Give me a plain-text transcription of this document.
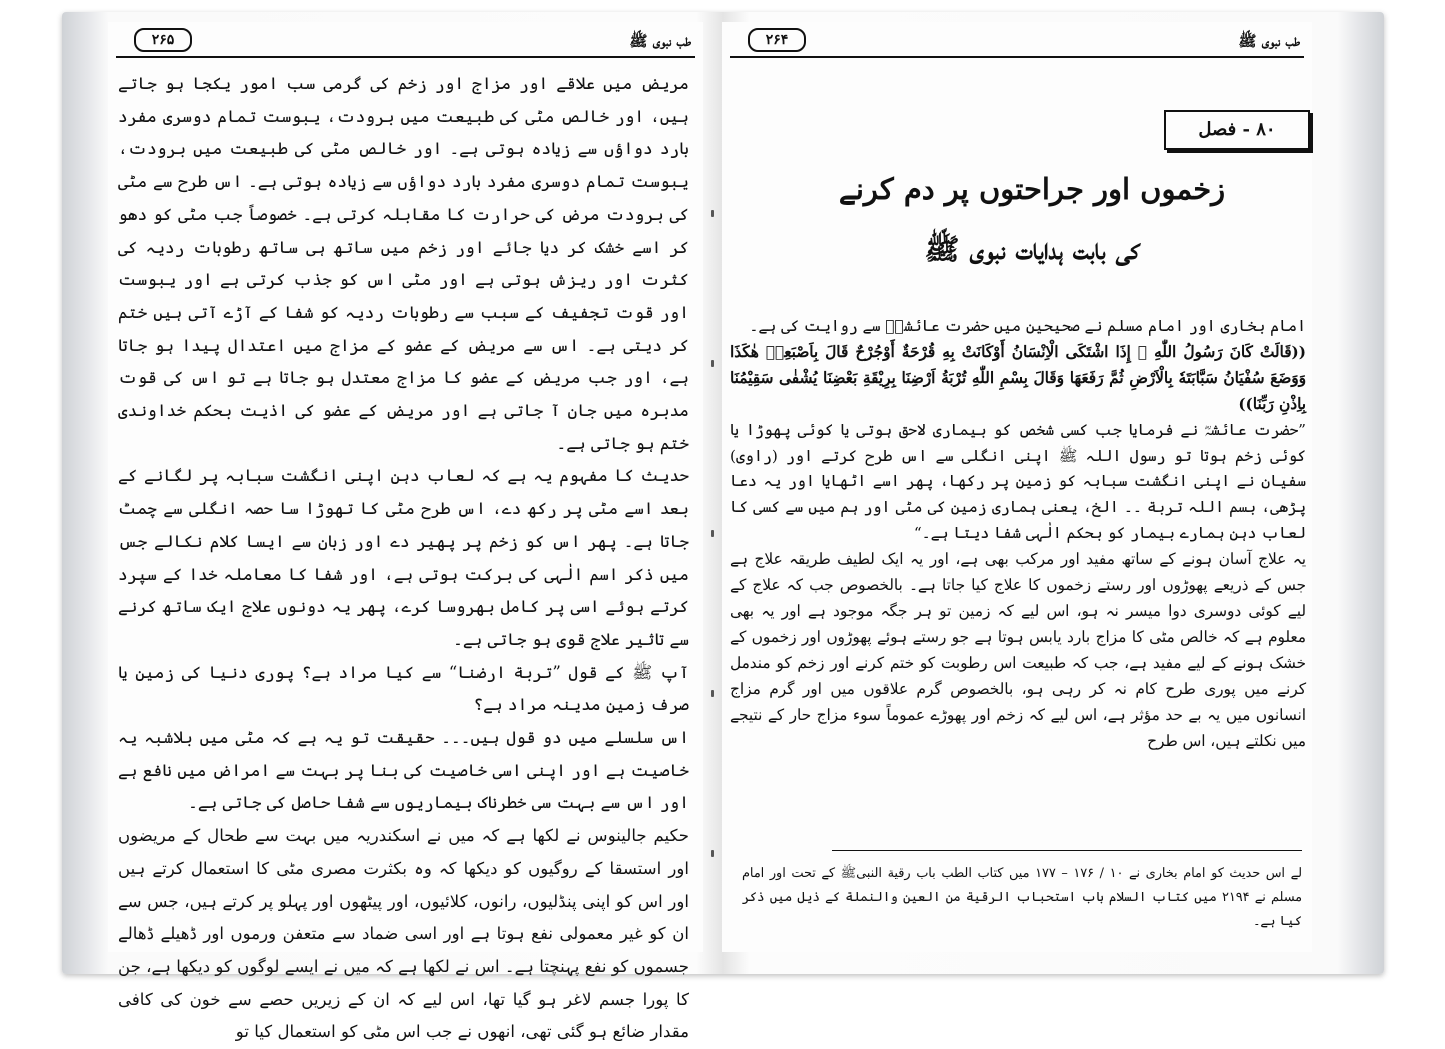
طب نبوی ﷺ
۲۶۵

مریض میں علاقے اور مزاج اور زخم کی گرمی سب امور یکجا ہو جاتے ہیں، اور خالص مٹی کی طبیعت میں برودت، یبوست تمام دوسری مفرد بارد دواؤں سے زیادہ ہوتی ہے۔ اور خالص مٹی کی طبیعت میں برودت، یبوست تمام دوسری مفرد بارد دواؤں سے زیادہ ہوتی ہے۔ اس طرح سے مٹی کی برودت مرض کی حرارت کا مقابلہ کرتی ہے۔ خصوصاً جب مٹی کو دھو کر اسے خشک کر دیا جائے اور زخم میں ساتھ ہی ساتھ رطوبات ردیہ کی کثرت اور ریزش ہوتی ہے اور مٹی اس کو جذب کرتی ہے اور یبوست اور قوت تجفیف کے سبب سے رطوبات ردیہ کو شفا کے آڑے آتی ہیں ختم کر دیتی ہے۔ اس سے مریض کے عضو کے مزاج میں اعتدال پیدا ہو جاتا ہے، اور جب مریض کے عضو کا مزاج معتدل ہو جاتا ہے تو اس کی قوت مدبرہ میں جان آ جاتی ہے اور مریض کے عضو کی اذیت بحکم خداوندی ختم ہو جاتی ہے۔

حدیث کا مفہوم یہ ہے کہ لعاب دہن اپنی انگشت سبابہ پر لگانے کے بعد اسے مٹی پر رکھ دے، اس طرح مٹی کا تھوڑا سا حصہ انگلی سے چمٹ جاتا ہے۔ پھر اس کو زخم پر پھیر دے اور زبان سے ایسا کلام نکالے جس میں ذکر اسم الٰہی کی برکت ہوتی ہے، اور شفا کا معاملہ خدا کے سپرد کرتے ہوئے اسی پر کامل بھروسا کرے، پھر یہ دونوں علاج ایک ساتھ کرنے سے تاثیر علاج قوی ہو جاتی ہے۔

آپ ﷺ کے قول ”تربة ارضنا“ سے کیا مراد ہے؟ پوری دنیا کی زمین یا صرف زمین مدینہ مراد ہے؟

اس سلسلے میں دو قول ہیں۔۔۔ حقیقت تو یہ ہے کہ مٹی میں بلاشبہ یہ خاصیت ہے اور اپنی اسی خاصیت کی بنا پر بہت سے امراض میں نافع ہے اور اس سے بہت سی خطرناک بیماریوں سے شفا حاصل کی جاتی ہے۔

حکیم جالینوس نے لکھا ہے کہ میں نے اسکندریہ میں بہت سے طحال کے مریضوں اور استسقا کے روگیوں کو دیکھا کہ وہ بکثرت مصری مٹی کا استعمال کرتے ہیں اور اس کو اپنی پنڈلیوں، رانوں، کلائیوں، اور پیٹھوں اور پہلو پر کرتے ہیں، جس سے ان کو غیر معمولی نفع ہوتا ہے اور اسی ضماد سے متعفن ورموں اور ڈھیلے ڈھالے جسموں کو نفع پہنچتا ہے۔ اس نے لکھا ہے کہ میں نے ایسے لوگوں کو دیکھا ہے، جن کا پورا جسم لاغر ہو گیا تھا، اس لیے کہ ان کے زیریں حصے سے خون کی کافی مقدار ضائع ہو گئی تھی، انھوں نے جب اس مٹی کو استعمال کیا تو

طب نبوی ﷺ
۲۶۴
۸۰ - فصل
زخموں اور جراحتوں پر دم کرنے
کی بابت ہدایات نبوی ﷺ

امام بخاری اور امام مسلم نے صحیحین میں حضرت عائشہؓ سے روایت کی ہے۔

((قَالَتْ كَانَ رَسُولُ اللّٰهِ ﷺ إِذَا اشْتَكَى الْاِنْسَانُ أَوْكَانَتْ بِهِ قُرْحَةٌ أَوْجُرْحٌ قَالَ بِاَصْبَعِهٖ هٰكَذَا وَوَضَعَ سُفْيَانُ سَبَّابَتَهٗ بِالْاَرْضِ ثُمَّ رَفَعَهَا وَقَالَ بِسْمِ اللّٰهِ تُرْبَةُ اَرْضِنَا بِرِيْقَةِ بَعْضِنَا يُشْفٰى سَقِيْمُنَا بِاِذْنِ رَبِّنَا))

”حضرت عائشہؓ نے فرمایا جب کسی شخص کو بیماری لاحق ہوتی یا کوئی پھوڑا یا کوئی زخم ہوتا تو رسول اللہ ﷺ اپنی انگلی سے اس طرح کرتے اور (راوی) سفیان نے اپنی انگشت سبابہ کو زمین پر رکھا، پھر اسے اٹھایا اور یہ دعا پڑھی، بسم اللہ تربة ۔۔ الخ، یعنی ہماری زمین کی مٹی اور ہم میں سے کسی کا لعاب دہن ہمارے بیمار کو بحکم الٰہی شفا دیتا ہے۔“

یہ علاج آسان ہونے کے ساتھ مفید اور مرکب بھی ہے، اور یہ ایک لطیف طریقہ علاج ہے جس کے ذریعے پھوڑوں اور رستے زخموں کا علاج کیا جاتا ہے۔ بالخصوص جب کہ علاج کے لیے کوئی دوسری دوا میسر نہ ہو، اس لیے کہ زمین تو ہر جگہ موجود ہے اور یہ بھی معلوم ہے کہ خالص مٹی کا مزاج بارد یابس ہوتا ہے جو رستے ہوئے پھوڑوں اور زخموں کے خشک ہونے کے لیے مفید ہے، جب کہ طبیعت اس رطوبت کو ختم کرنے اور زخم کو مندمل کرنے میں پوری طرح کام نہ کر رہی ہو، بالخصوص گرم علاقوں میں اور گرم مزاج انسانوں میں یہ بے حد مؤثر ہے، اس لیے کہ زخم اور پھوڑے عموماً سوء مزاج حار کے نتیجے میں نکلتے ہیں، اس طرح

لے اس حدیث کو امام بخاری نے ۱۰ / ۱۷۶ – ۱۷۷ میں کتاب الطب باب رقیة النبیﷺ کے تحت اور امام مسلم نے ۲۱۹۴ میں کتاب السلام باب استحباب الرقیة من العین والنملة کے ذیل میں ذکر کیا ہے۔
